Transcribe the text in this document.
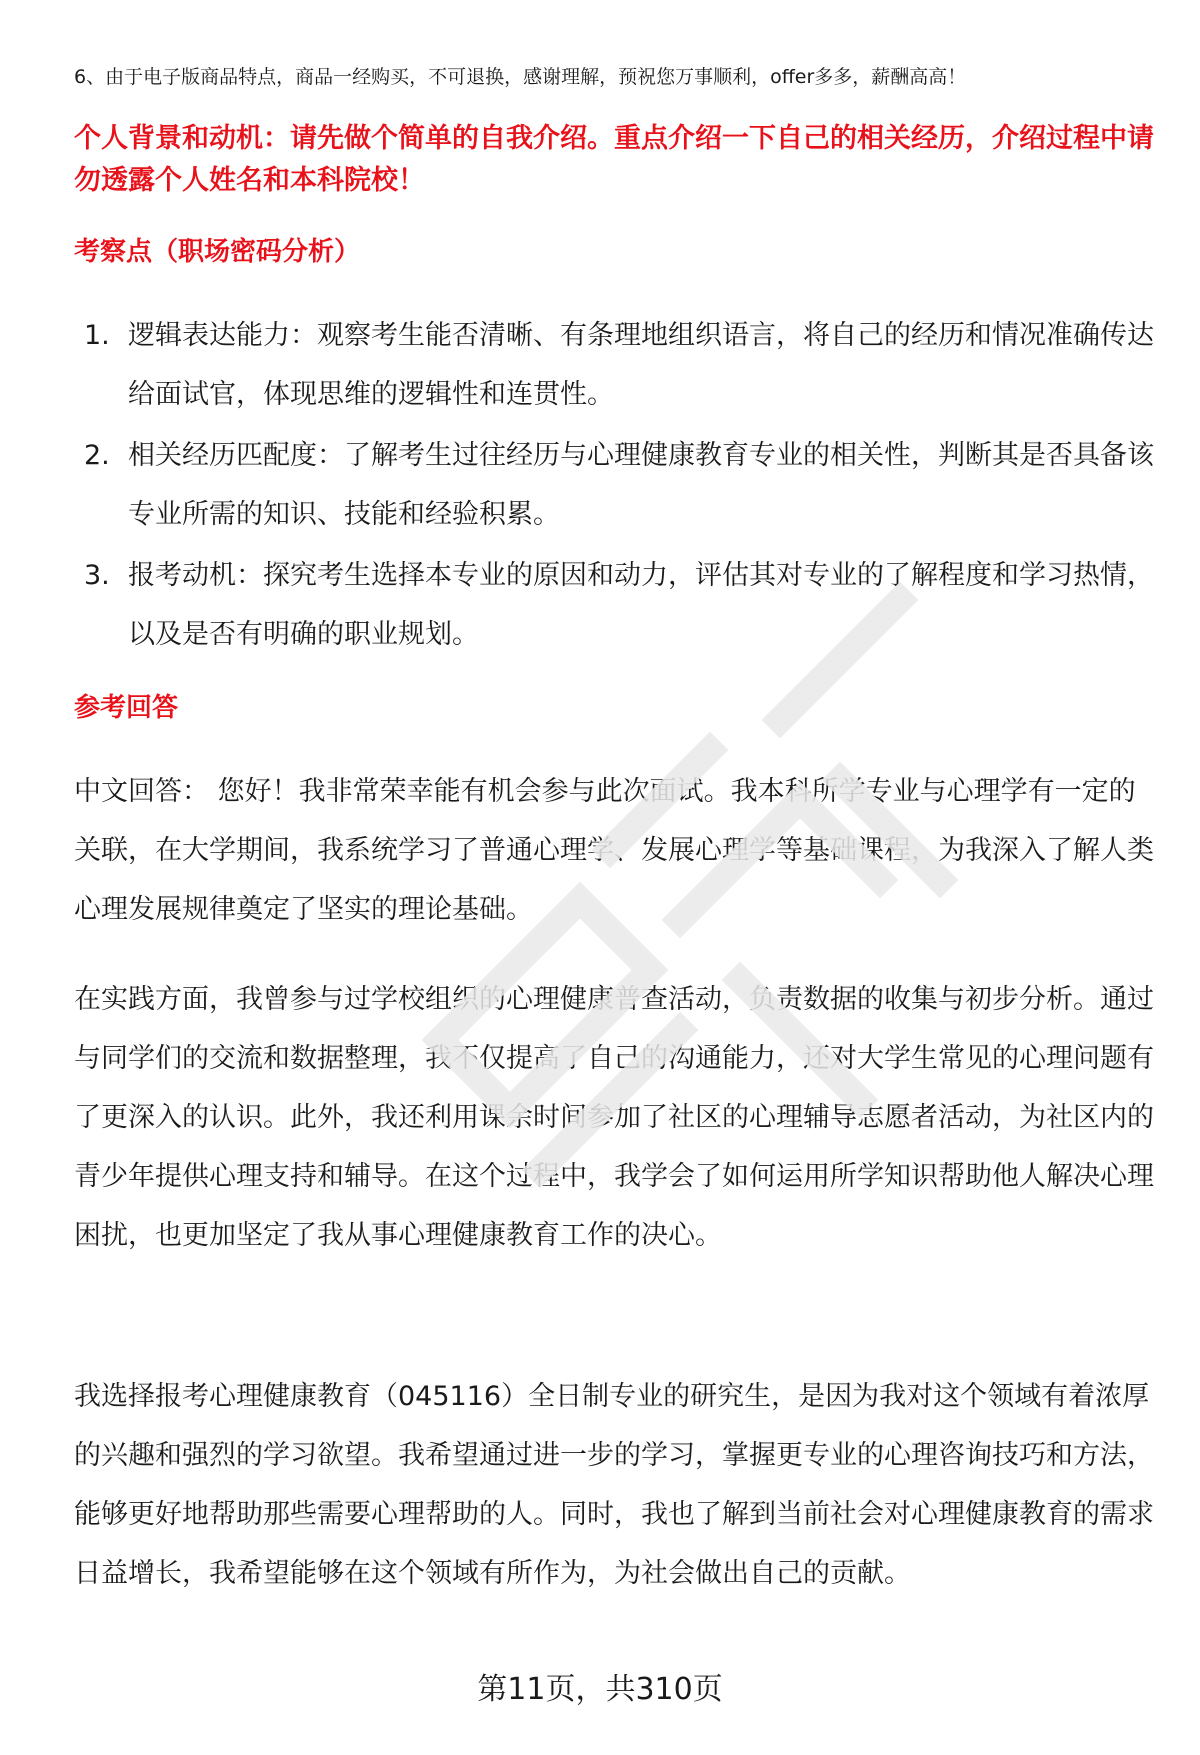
6、由于电子版商品特点，商品一经购买，不可退换，感谢理解，预祝您万事顺利，offer多多，薪酬高高！
个人背景和动机：请先做个简单的自我介绍。重点介绍一下自己的相关经历，介绍过程中请勿透露个人姓名和本科院校！
考察点（职场密码分析）
1. 逻辑表达能力：观察考生能否清晰、有条理地组织语言，将自己的经历和情况准确传达给面试官，体现思维的逻辑性和连贯性。
2. 相关经历匹配度：了解考生过往经历与心理健康教育专业的相关性，判断其是否具备该专业所需的知识、技能和经验积累。
3. 报考动机：探究考生选择本专业的原因和动力，评估其对专业的了解程度和学习热情，以及是否有明确的职业规划。
参考回答

中文回答： 您好！我非常荣幸能有机会参与此次面试。我本科所学专业与心理学有一定的关联，在大学期间，我系统学习了普通心理学、发展心理学等基础课程，为我深入了解人类心理发展规律奠定了坚实的理论基础。

在实践方面，我曾参与过学校组织的心理健康普查活动，负责数据的收集与初步分析。通过与同学们的交流和数据整理，我不仅提高了自己的沟通能力，还对大学生常见的心理问题有了更深入的认识。此外，我还利用课余时间参加了社区的心理辅导志愿者活动，为社区内的青少年提供心理支持和辅导。在这个过程中，我学会了如何运用所学知识帮助他人解决心理困扰，也更加坚定了我从事心理健康教育工作的决心。

我选择报考心理健康教育（045116）全日制专业的研究生，是因为我对这个领域有着浓厚的兴趣和强烈的学习欲望。我希望通过进一步的学习，掌握更专业的心理咨询技巧和方法，能够更好地帮助那些需要心理帮助的人。同时，我也了解到当前社会对心理健康教育的需求日益增长，我希望能够在这个领域有所作为，为社会做出自己的贡献。

第11页，共310页
